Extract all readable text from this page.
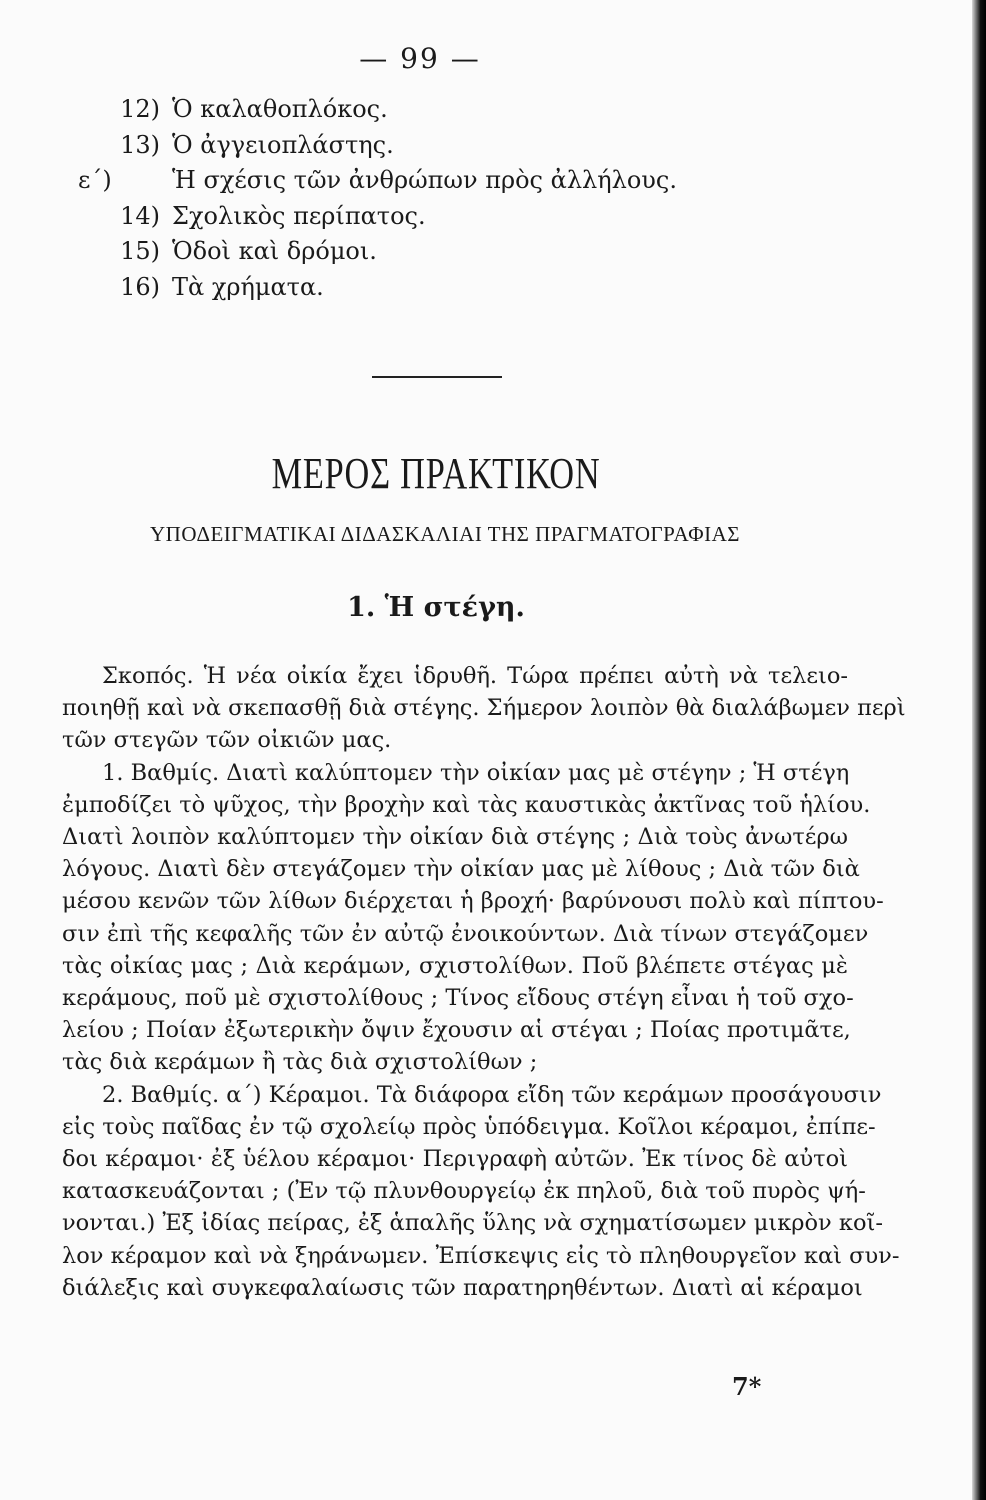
— 99 —
12) Ὁ καλαθοπλόκος.
13) Ὁ ἀγγειοπλάστης.
ε΄)	Ἡ σχέσις τῶν ἀνθρώπων πρὸς ἀλλήλους.
14) Σχολικὸς περίπατος.
15) Ὁδοὶ καὶ δρόμοι.
16) Τὰ χρήματα.
ΜΕΡΟΣ ΠΡΑΚΤΙΚΟΝ
ΥΠΟΔΕΙΓΜΑΤΙΚΑΙ ΔΙΔΑΣΚΑΛΙΑΙ ΤΗΣ ΠΡΑΓΜΑΤΟΓΡΑΦΙΑΣ
1. Ἡ στέγη.
Σκοπός. Ἡ νέα οἰκία ἔχει ἱδρυθῆ. Τώρα πρέπει αὐτὴ νὰ τελειο-
ποιηθῇ καὶ νὰ σκεπασθῇ διὰ στέγης. Σήμερον λοιπὸν θὰ διαλάβωμεν περὶ
τῶν στεγῶν τῶν οἰκιῶν μας.
1. Βαθμίς. Διατὶ καλύπτομεν τὴν οἰκίαν μας μὲ στέγην ; Ἡ στέγη
ἐμποδίζει τὸ ψῦχος, τὴν βροχὴν καὶ τὰς καυστικὰς ἀκτῖνας τοῦ ἡλίου.
Διατὶ λοιπὸν καλύπτομεν τὴν οἰκίαν διὰ στέγης ; Διὰ τοὺς ἀνωτέρω
λόγους. Διατὶ δὲν στεγάζομεν τὴν οἰκίαν μας μὲ λίθους ; Διὰ τῶν διὰ
μέσου κενῶν τῶν λίθων διέρχεται ἡ βροχή· βαρύνουσι πολὺ καὶ πίπτου-
σιν ἐπὶ τῆς κεφαλῆς τῶν ἐν αὐτῷ ἐνοικούντων. Διὰ τίνων στεγάζομεν
τὰς οἰκίας μας ; Διὰ κεράμων, σχιστολίθων. Ποῦ βλέπετε στέγας μὲ
κεράμους, ποῦ μὲ σχιστολίθους ; Τίνος εἴδους στέγη εἶναι ἡ τοῦ σχο-
λείου ; Ποίαν ἐξωτερικὴν ὄψιν ἔχουσιν αἱ στέγαι ; Ποίας προτιμᾶτε,
τὰς διὰ κεράμων ἢ τὰς διὰ σχιστολίθων ;
2. Βαθμίς. α΄) Κέραμοι. Τὰ διάφορα εἴδη τῶν κεράμων προσάγουσιν
εἰς τοὺς παῖδας ἐν τῷ σχολείῳ πρὸς ὑπόδειγμα. Κοῖλοι κέραμοι, ἐπίπε-
δοι κέραμοι· ἐξ ὑέλου κέραμοι· Περιγραφὴ αὐτῶν. Ἐκ τίνος δὲ αὐτοὶ
κατασκευάζονται ; (Ἐν τῷ πλυνθουργείῳ ἐκ πηλοῦ, διὰ τοῦ πυρὸς ψή-
νονται.) Ἐξ ἰδίας πείρας, ἐξ ἁπαλῆς ὕλης νὰ σχηματίσωμεν μικρὸν κοῖ-
λον κέραμον καὶ νὰ ξηράνωμεν. Ἐπίσκεψις εἰς τὸ πληθουργεῖον καὶ συν-
διάλεξις καὶ συγκεφαλαίωσις τῶν παρατηρηθέντων. Διατὶ αἱ κέραμοι
7*
